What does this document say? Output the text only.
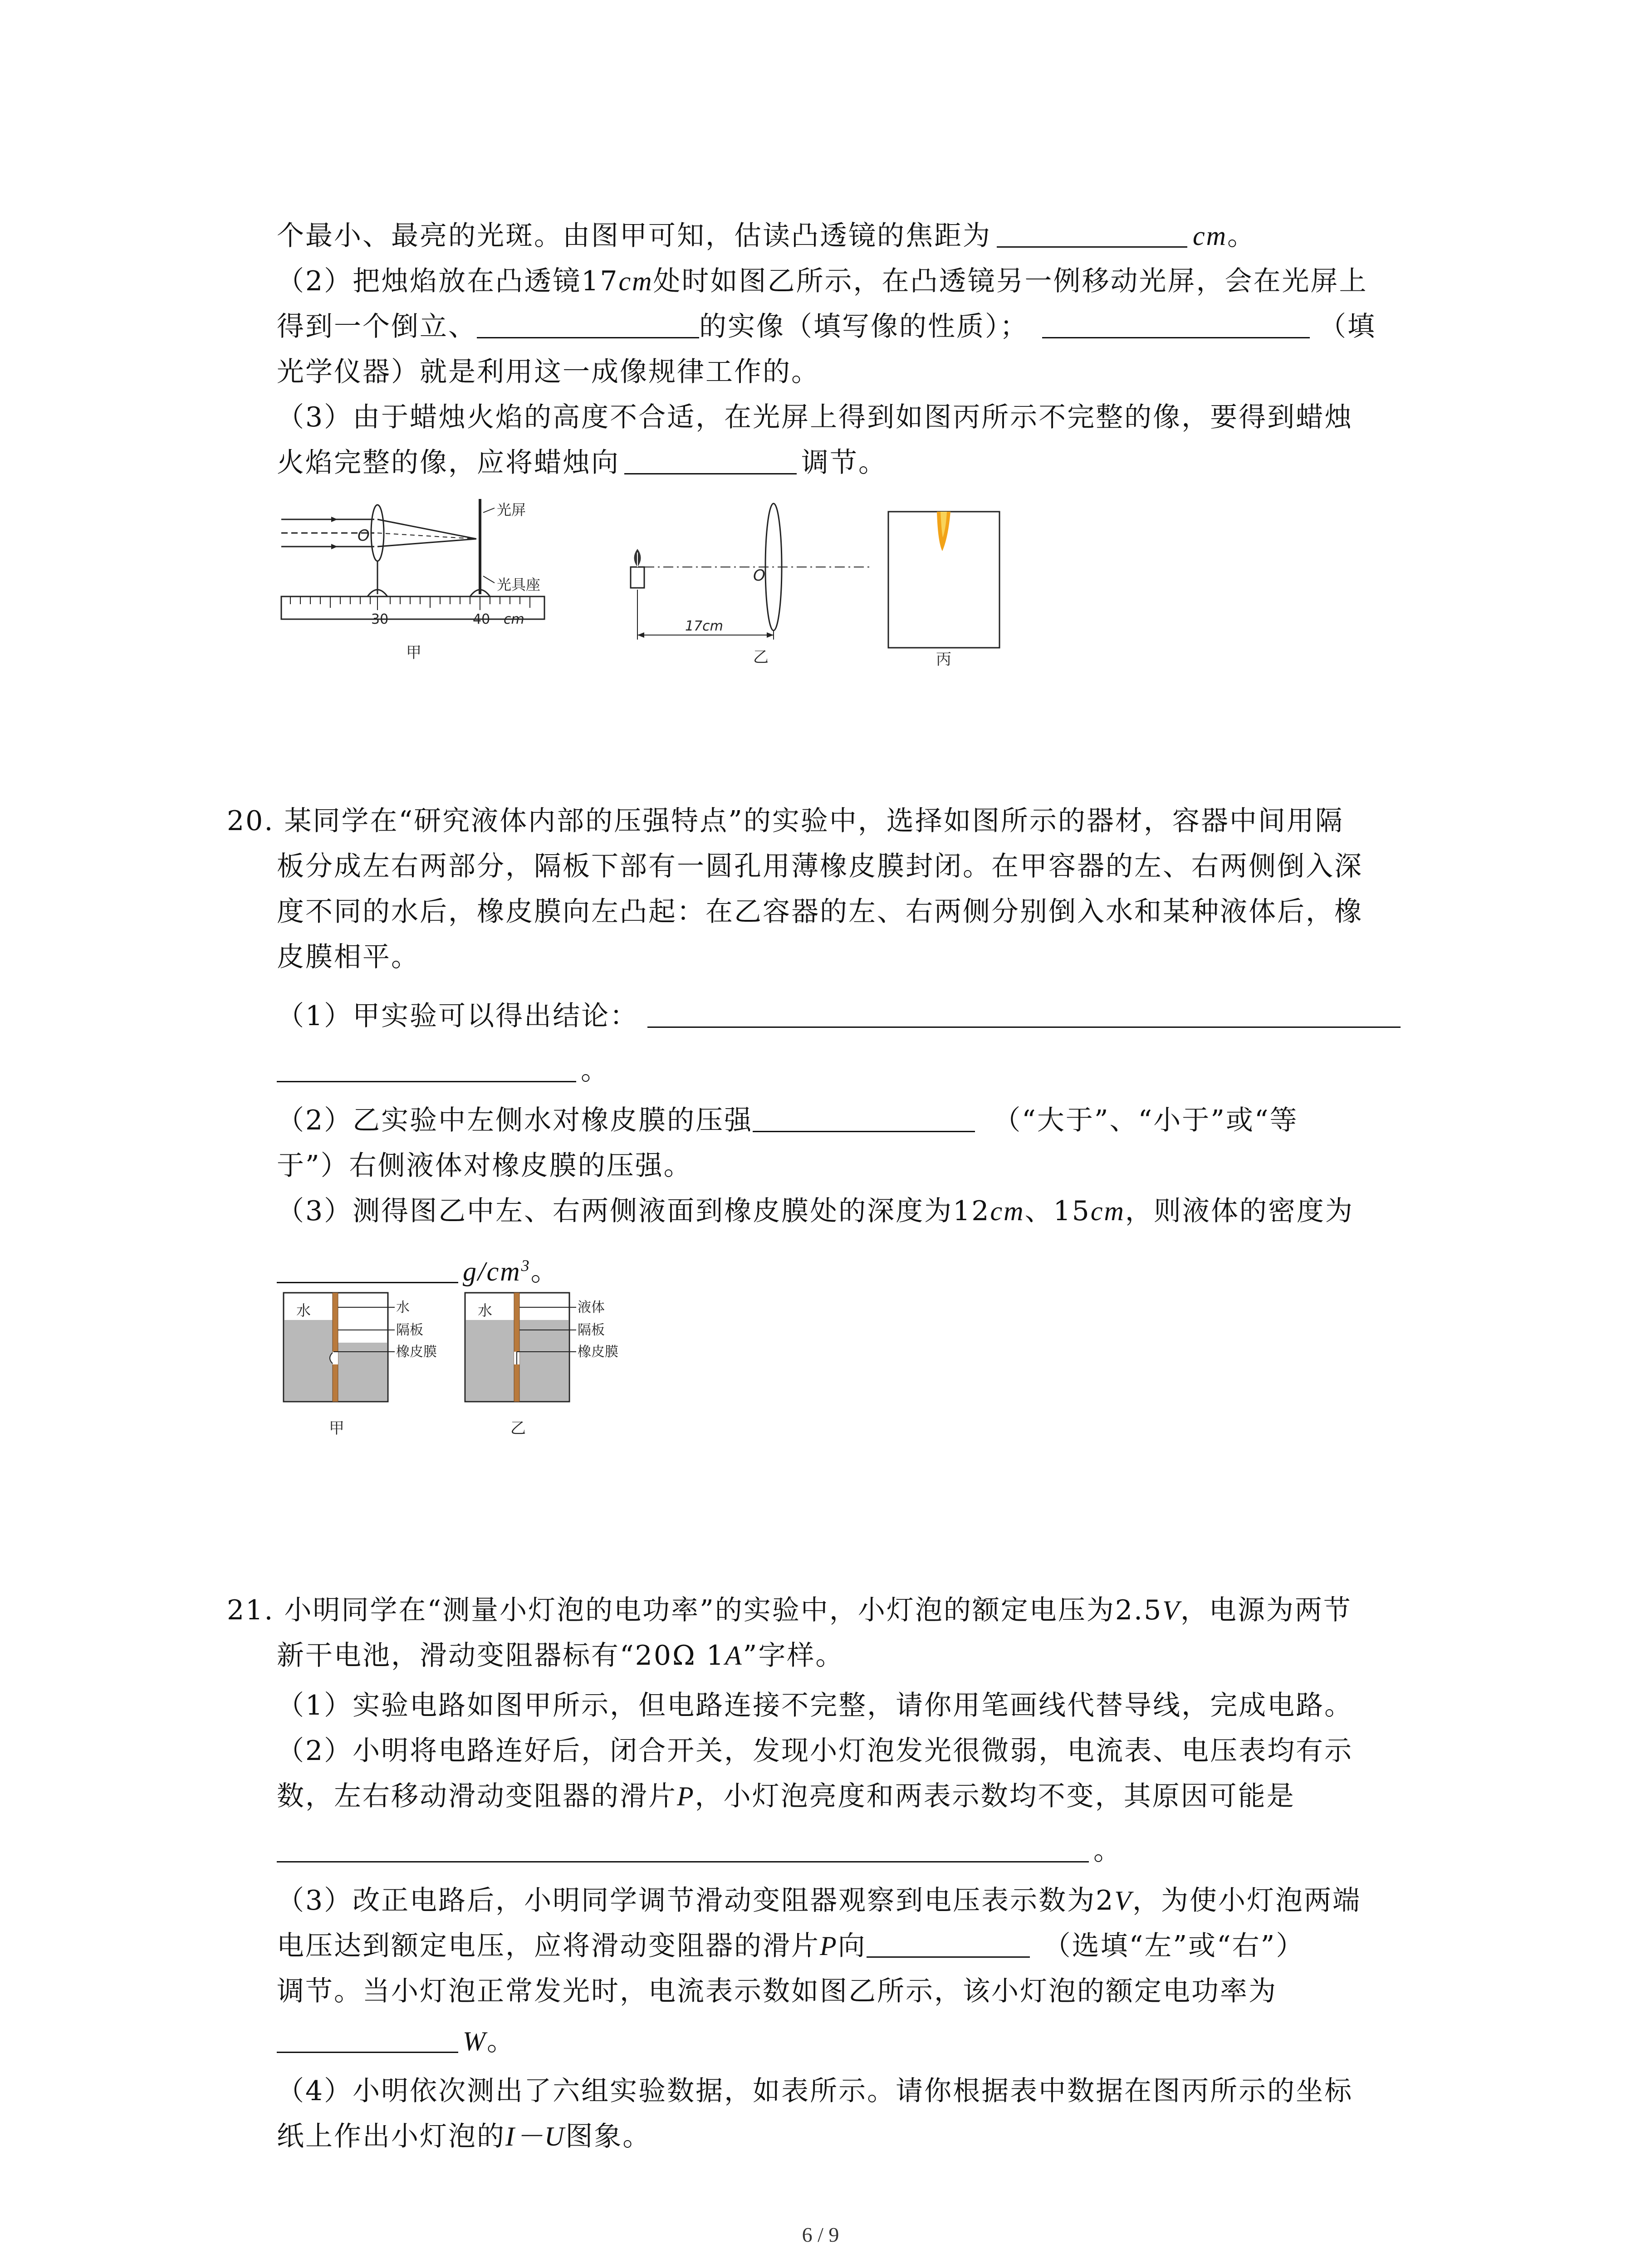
个最小、最亮的光斑。由图甲可知，估读凸透镜的焦距为	cm。
（2）把烛焰放在凸透镜17cm处时如图乙所示，在凸透镜另一例移动光屏，会在光屏上
得到一个倒立、	的实像（填写像的性质）；	（填
光学仪器）就是利用这一成像规律工作的。
（3）由于蜡烛火焰的高度不合适，在光屏上得到如图丙所示不完整的像，要得到蜡烛
火焰完整的像，应将蜡烛向	调节。
O
光屏
光具座
30	40 cm
甲
O
17cm
乙	丙
20. 某同学在“研究液体内部的压强特点”的实验中，选择如图所示的器材，容器中间用隔
板分成左右两部分，隔板下部有一圆孔用薄橡皮膜封闭。在甲容器的左、右两侧倒入深
度不同的水后，橡皮膜向左凸起：在乙容器的左、右两侧分别倒入水和某种液体后，橡
皮膜相平。
（1）甲实验可以得出结论：
。
（2）乙实验中左侧水对橡皮膜的压强	（“大于”、“小于”或“等
于”）右侧液体对橡皮膜的压强。
（3）测得图乙中左、右两侧液面到橡皮膜处的深度为12cm、15cm，则液体的密度为
$g/cm^3$。
水	水
隔板
橡皮膜
甲
水	液体
隔板
橡皮膜
乙
21. 小明同学在“测量小灯泡的电功率”的实验中，小灯泡的额定电压为2.5V，电源为两节
新干电池，滑动变阻器标有“20Ω 1A”字样。
（1）实验电路如图甲所示，但电路连接不完整，请你用笔画线代替导线，完成电路。
（2）小明将电路连好后，闭合开关，发现小灯泡发光很微弱，电流表、电压表均有示
数，左右移动滑动变阻器的滑片P，小灯泡亮度和两表示数均不变，其原因可能是
。
（3）改正电路后，小明同学调节滑动变阻器观察到电压表示数为2V，为使小灯泡两端
电压达到额定电压，应将滑动变阻器的滑片P向	（选填“左”或“右”）
调节。当小灯泡正常发光时，电流表示数如图乙所示，该小灯泡的额定电功率为
W。
（4）小明依次测出了六组实验数据，如表所示。请你根据表中数据在图丙所示的坐标
纸上作出小灯泡的I－U图象。
6 / 9
